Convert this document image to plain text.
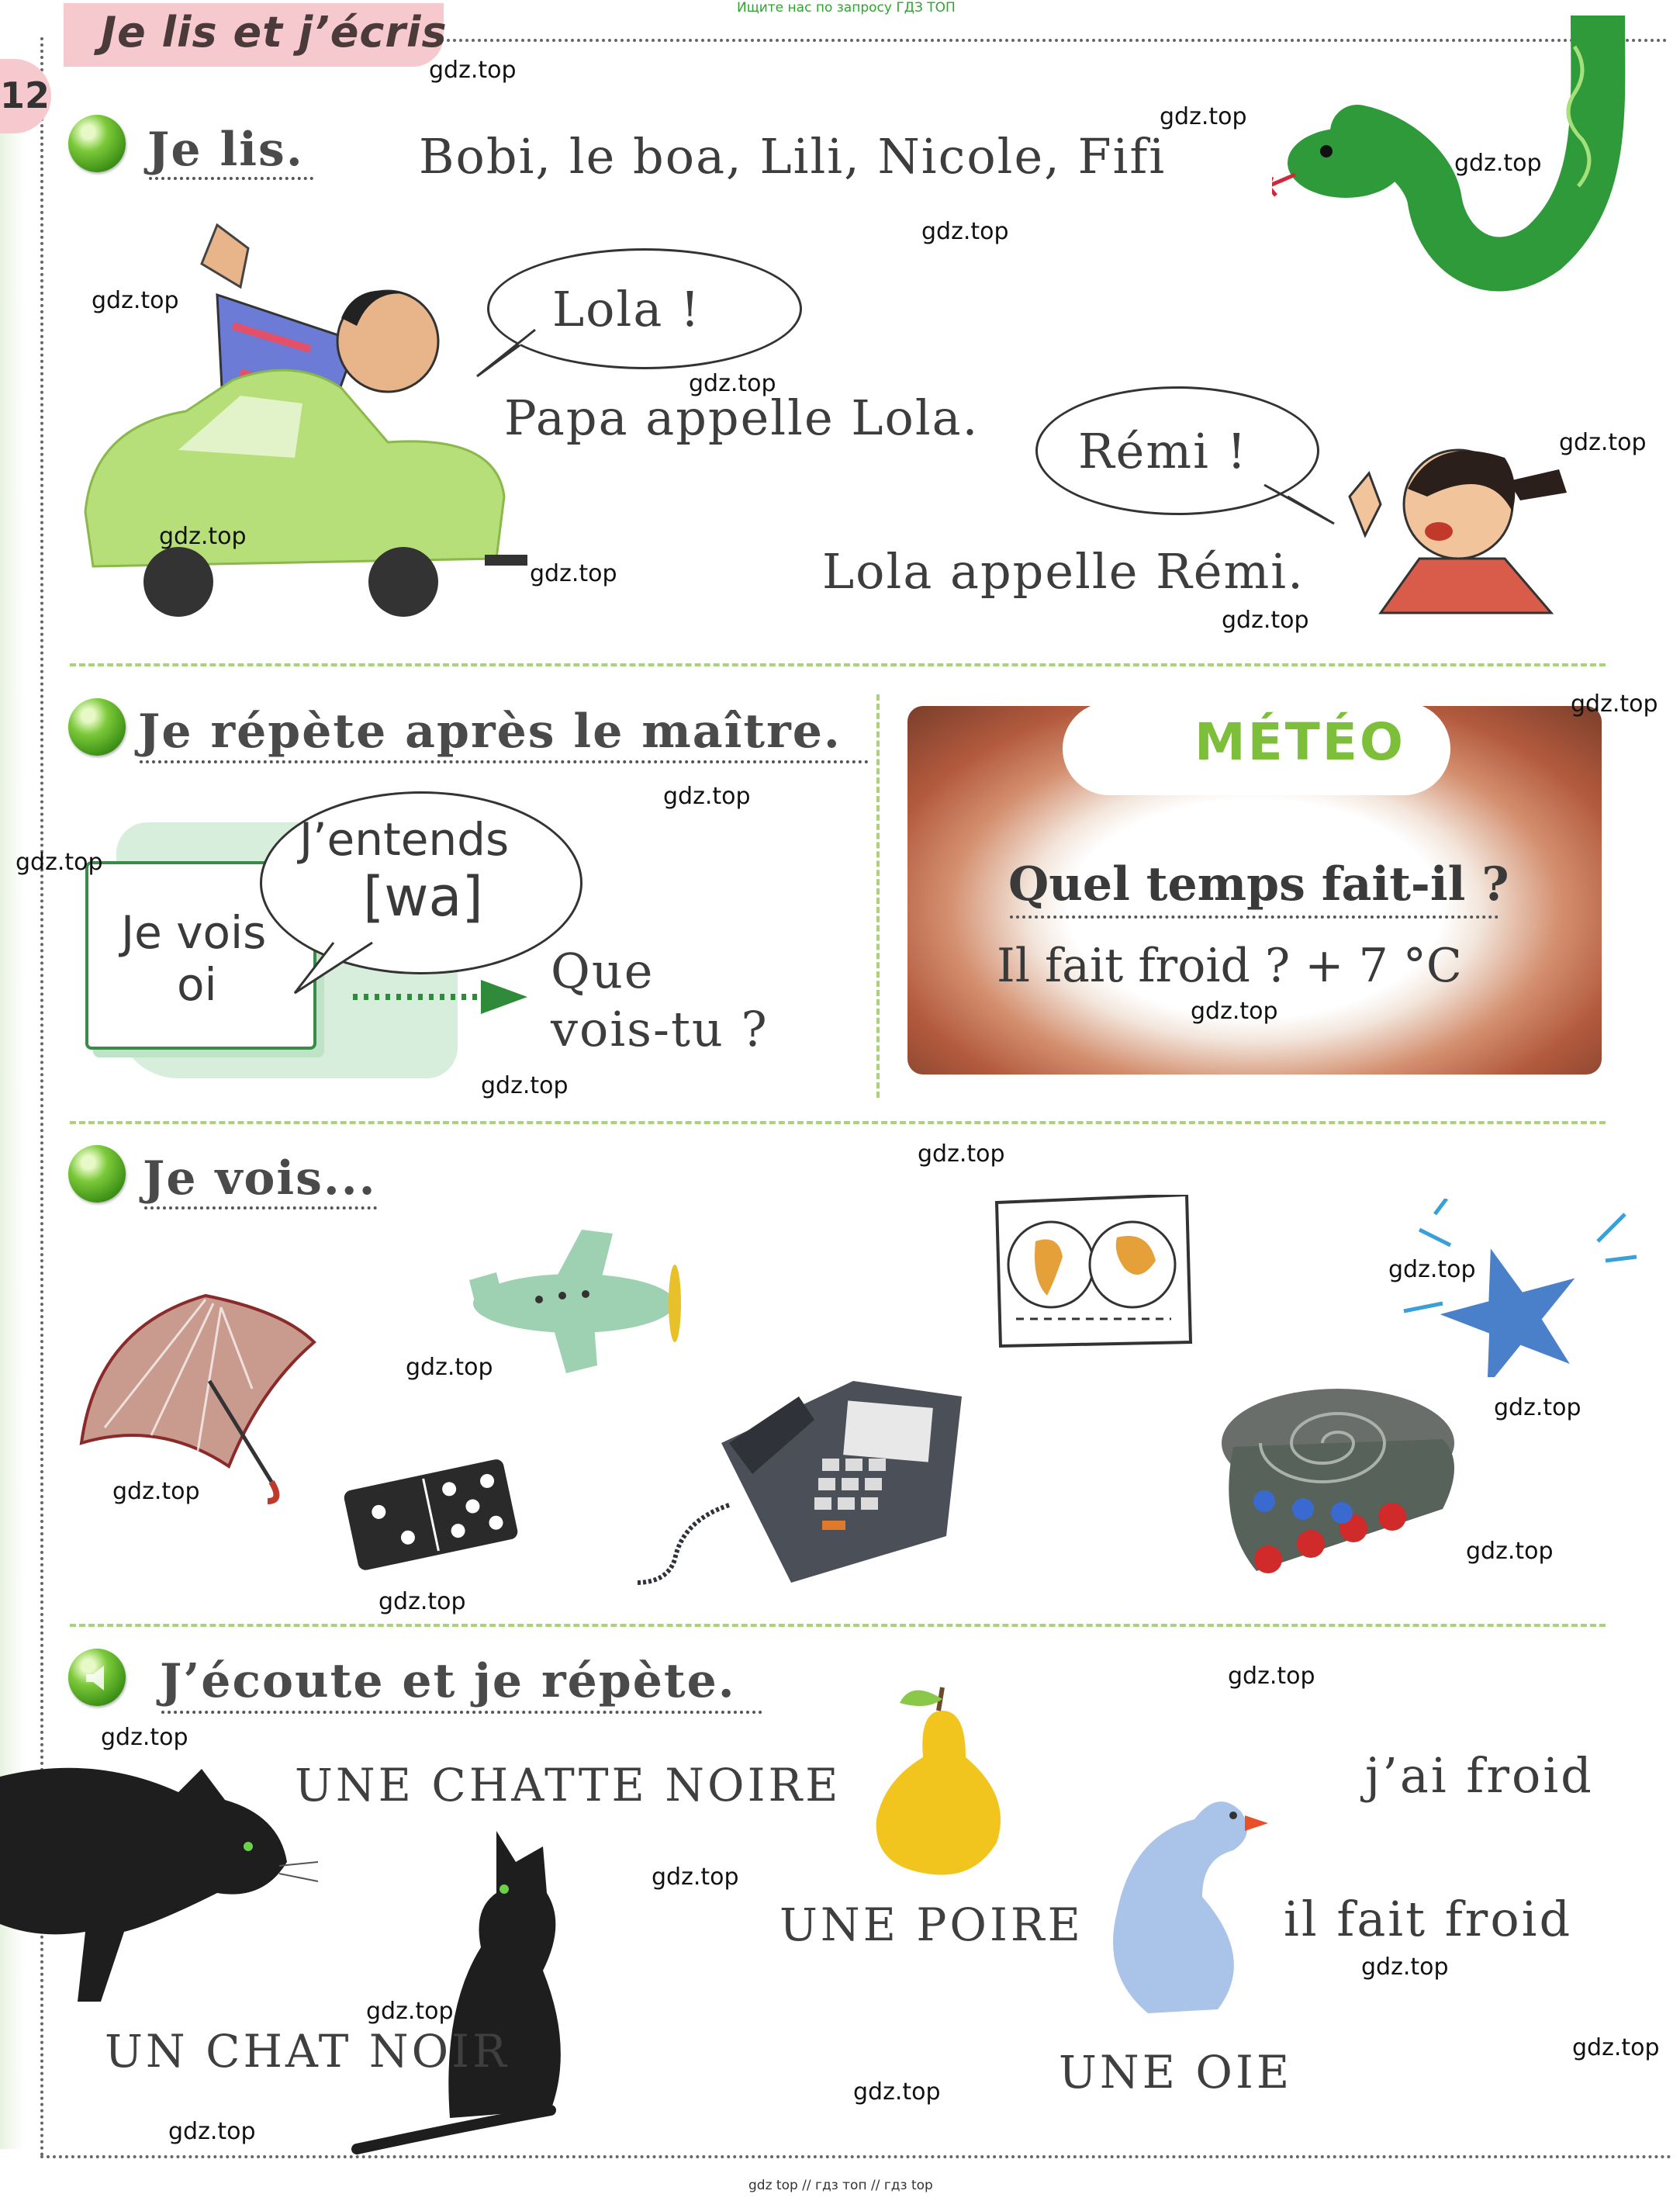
Ищите нас по запросу ГДЗ ТОП
gdz top // гдз топ // гдз top
Je lis et j’écris
12
Je lis. Bobi, le boa, Lili, Nicole, Fifi
Lola !
Papa appelle Lola.
Rémi !
Lola appelle Rémi.
Je répète après le maître.
Je vois
oi
J’entends
[wa]
Que
vois-tu ?
MÉTÉO
Quel temps fait-il ?
Il fait froid ? + 7 °C
Je vois...
J’écoute et je répète.
UNE CHATTE NOIRE
UNE POIRE
UN CHAT NOIR	UNE OIE
j’ai froid
il fait froid
gdz.top
gdz.top
gdz.top
gdz.top
gdz.top
gdz.top
gdz.top
gdz.top
gdz.top
gdz.top
gdz.top
gdz.top
gdz.top
gdz.top
gdz.top
gdz.top
gdz.top
gdz.top
gdz.top
gdz.top
gdz.top
gdz.top
gdz.top
gdz.top
gdz.top
gdz.top
gdz.top
gdz.top
gdz.top
gdz.top
